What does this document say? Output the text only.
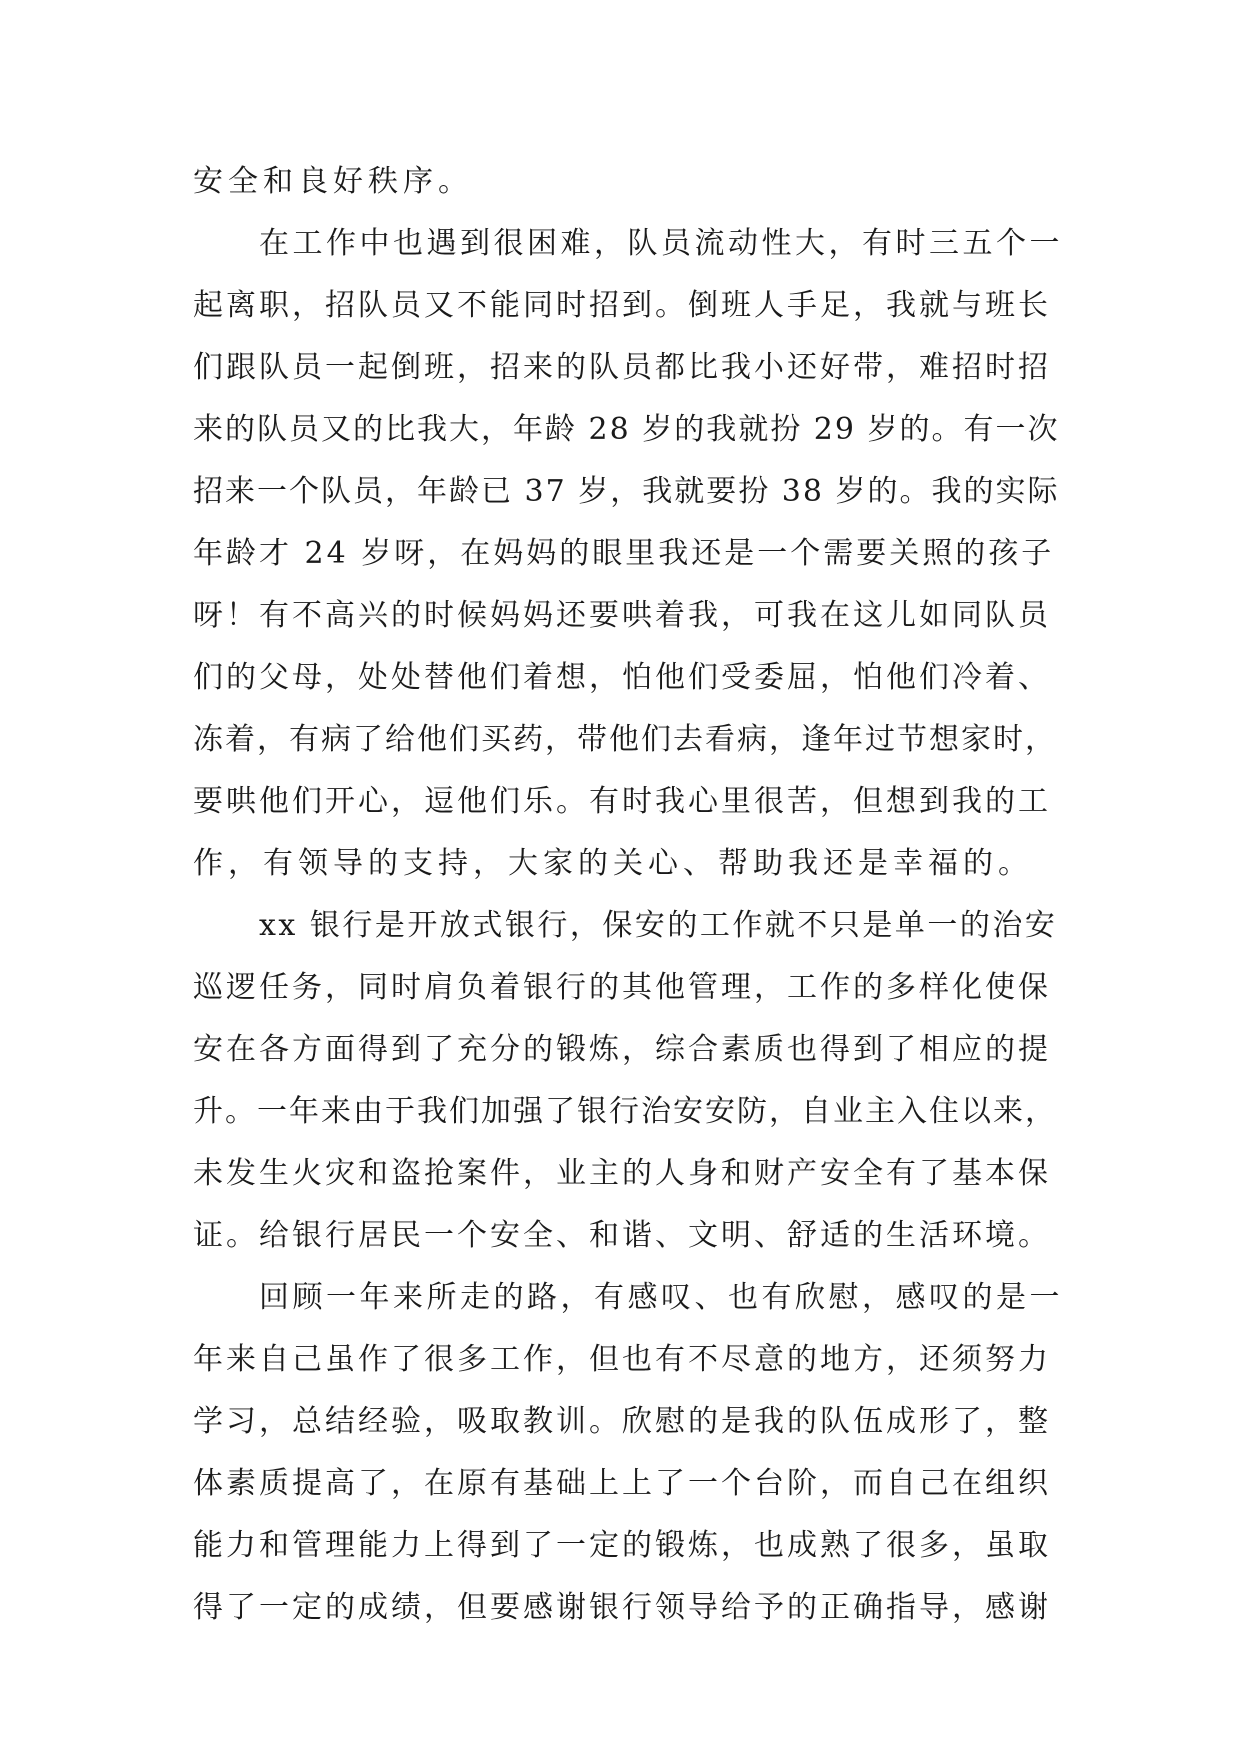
安全和良好秩序。
在工作中也遇到很困难，队员流动性大，有时三五个一
起离职，招队员又不能同时招到。倒班人手足，我就与班长
们跟队员一起倒班，招来的队员都比我小还好带，难招时招
来的队员又的比我大，年龄 28 岁的我就扮 29 岁的。有一次
招来一个队员，年龄已 37 岁，我就要扮 38 岁的。我的实际
年龄才 24 岁呀，在妈妈的眼里我还是一个需要关照的孩子
呀！有不高兴的时候妈妈还要哄着我，可我在这儿如同队员
们的父母，处处替他们着想，怕他们受委屈，怕他们冷着、
冻着，有病了给他们买药，带他们去看病，逢年过节想家时，
要哄他们开心，逗他们乐。有时我心里很苦，但想到我的工
作，有领导的支持，大家的关心、帮助我还是幸福的。
xx 银行是开放式银行，保安的工作就不只是单一的治安
巡逻任务，同时肩负着银行的其他管理，工作的多样化使保
安在各方面得到了充分的锻炼，综合素质也得到了相应的提
升。一年来由于我们加强了银行治安安防，自业主入住以来，
未发生火灾和盗抢案件，业主的人身和财产安全有了基本保
证。给银行居民一个安全、和谐、文明、舒适的生活环境。
回顾一年来所走的路，有感叹、也有欣慰，感叹的是一
年来自己虽作了很多工作，但也有不尽意的地方，还须努力
学习，总结经验，吸取教训。欣慰的是我的队伍成形了，整
体素质提高了，在原有基础上上了一个台阶，而自己在组织
能力和管理能力上得到了一定的锻炼，也成熟了很多，虽取
得了一定的成绩，但要感谢银行领导给予的正确指导，感谢
